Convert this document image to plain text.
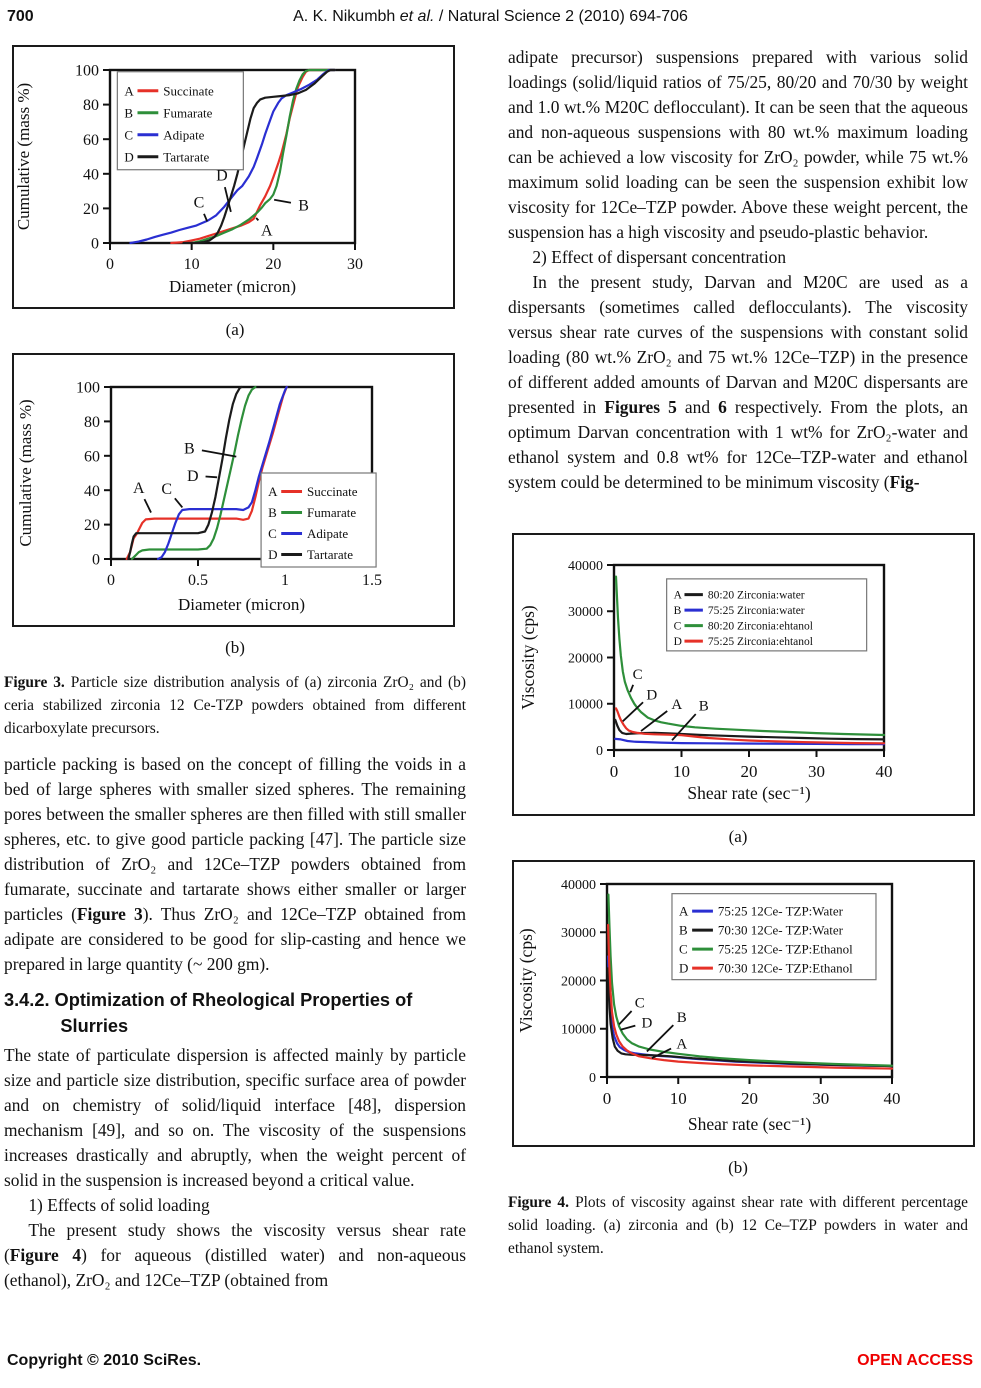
700	A. K. Nikumbh et al. / Natural Science 2 (2010) 694-706
0	10	20	30
0
20
40
60
80
100
Diameter (micron)
Cumulative (mass %)	A Succinate
B Fumarate
C Adipate
D Tartarate
C
D
A
B
(a)
0	0.5	1	1.5
0
20
40
60
80
100
Diameter (micron)
Cumulative (mass %)	A Succinate
B Fumarate
C Adipate
D Tartarate
A C
B
D
(b)
Figure 3. Particle size distribution analysis of (a) zirconia ZrO₂ and (b) ceria stabilized zirconia 12 Ce-TZP powders obtained from different dicarboxylate precursors.

particle packing is based on the concept of filling the voids in a bed of large spheres with smaller sized spheres. The remaining pores between the smaller spheres are then filled with still smaller spheres, etc. to give good particle packing [47]. The particle size distribution of ZrO₂ and 12Ce–TZP powders obtained from fumarate, succinate and tartarate shows either smaller or larger particles (Figure 3). Thus ZrO₂ and 12Ce–TZP obtained from adipate are considered to be good for slip-casting and hence we prepared in large quantity (~ 200 gm).

3.4.2. Optimization of Rheological Properties of Slurries

The state of particulate dispersion is affected mainly by particle size and particle size distribution, specific surface area of powder and on chemistry of solid/liquid interface [48], dispersion mechanism [49], and so on. The viscosity of the suspensions increases drastically and abruptly, when the weight percent of solid in the suspension is increased beyond a critical value.

1) Effects of solid loading

The present study shows the viscosity versus shear rate (Figure 4) for aqueous (distilled water) and non-aqueous (ethanol), ZrO₂ and 12Ce–TZP (obtained from

adipate precursor) suspensions prepared with various solid loadings (solid/liquid ratios of 75/25, 80/20 and 70/30 by weight and 1.0 wt.% M20C deflocculant). It can be seen that the aqueous and non-aqueous suspensions with 80 wt.% maximum loading can be achieved a low viscosity for ZrO₂ powder, while 75 wt.% maximum solid loading can be seen the suspension exhibit low viscosity for 12Ce–TZP powder. Above these weight percent, the suspension has a high viscosity and pseudo-plastic behavior.

2) Effect of dispersant concentration

In the present study, Darvan and M20C are used as a dispersants (sometimes called deflocculants). The viscosity versus shear rate curves of the suspensions with constant solid loading (80 wt.% ZrO₂ and 75 wt.% 12Ce–TZP) in the presence of different added amounts of Darvan and M20C dispersants are presented in Figures 5 and 6 respectively. From the plots, an optimum Darvan concentration with 1 wt% for ZrO₂-water and ethanol system and 0.8 wt% for 12Ce–TZP-water and ethanol system could be determined to be minimum viscosity (Fig-

0	10	20	30	40
0
10000
20000
30000
40000
Shear rate (sec⁻¹)
Viscosity (cps)
A 80:20 Zirconia:water
B 75:25 Zirconia:water
C 80:20 Zirconia:ehtanol
D 75:25 Zirconia:ehtanol
C
D
A B
(a)
0	10	20	30	40
0
10000
20000
30000
40000
Shear rate (sec⁻¹)
Viscosity (cps)
A 75:25 12Ce- TZP:Water
B 70:30 12Ce- TZP:Water
C 75:25 12Ce- TZP:Ethanol
D 70:30 12Ce- TZP:Ethanol
C
D B
A
(b)
Figure 4. Plots of viscosity against shear rate with different percentage solid loading. (a) zirconia and (b) 12 Ce–TZP powders in water and ethanol system.
Copyright © 2010 SciRes.	OPEN ACCESS
